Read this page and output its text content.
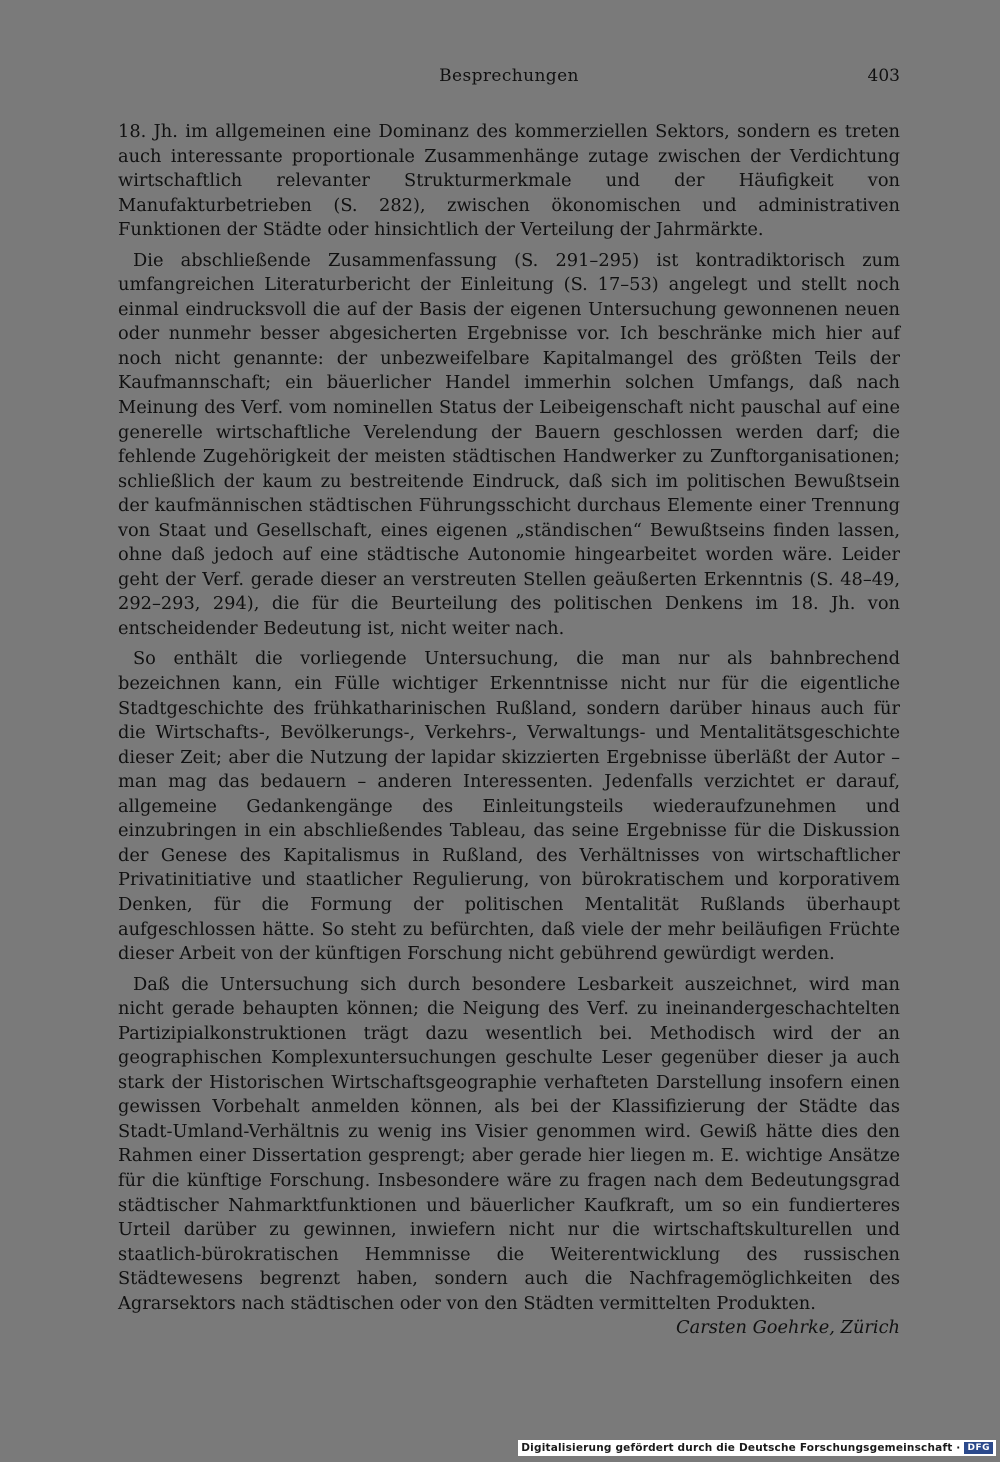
Besprechungen	403

18. Jh. im allgemeinen eine Dominanz des kommerziellen Sektors, sondern es treten auch interessante proportionale Zusammenhänge zutage zwischen der Verdichtung wirtschaftlich relevanter Strukturmerkmale und der Häufigkeit von Manufakturbetrieben (S. 282), zwischen ökonomischen und administrativen Funktionen der Städte oder hinsichtlich der Verteilung der Jahrmärkte.

Die abschließende Zusammenfassung (S. 291–295) ist kontradiktorisch zum umfangreichen Literaturbericht der Einleitung (S. 17–53) angelegt und stellt noch einmal eindrucksvoll die auf der Basis der eigenen Untersuchung gewonnenen neuen oder nunmehr besser abgesicherten Ergebnisse vor. Ich beschränke mich hier auf noch nicht genannte: der unbezweifelbare Kapitalmangel des größten Teils der Kaufmannschaft; ein bäuerlicher Handel immerhin solchen Umfangs, daß nach Meinung des Verf. vom nominellen Status der Leibeigenschaft nicht pauschal auf eine generelle wirtschaftliche Verelendung der Bauern geschlossen werden darf; die fehlende Zugehörigkeit der meisten städtischen Handwerker zu Zunftorganisationen; schließlich der kaum zu bestreitende Eindruck, daß sich im politischen Bewußtsein der kaufmännischen städtischen Führungsschicht durchaus Elemente einer Trennung von Staat und Gesellschaft, eines eigenen „ständischen“ Bewußtseins finden lassen, ohne daß jedoch auf eine städtische Autonomie hingearbeitet worden wäre. Leider geht der Verf. gerade dieser an verstreuten Stellen geäußerten Erkenntnis (S. 48–49, 292–293, 294), die für die Beurteilung des politischen Denkens im 18. Jh. von entscheidender Bedeutung ist, nicht weiter nach.

So enthält die vorliegende Untersuchung, die man nur als bahnbrechend bezeichnen kann, ein Fülle wichtiger Erkenntnisse nicht nur für die eigentliche Stadtgeschichte des frühkatharinischen Rußland, sondern darüber hinaus auch für die Wirtschafts-, Bevölkerungs-, Verkehrs-, Verwaltungs- und Mentalitätsgeschichte dieser Zeit; aber die Nutzung der lapidar skizzierten Ergebnisse überläßt der Autor – man mag das bedauern – anderen Interessenten. Jedenfalls verzichtet er darauf, allgemeine Gedankengänge des Einleitungsteils wiederaufzunehmen und einzubringen in ein abschließendes Tableau, das seine Ergebnisse für die Diskussion der Genese des Kapitalismus in Rußland, des Verhältnisses von wirtschaftlicher Privatinitiative und staatlicher Regulierung, von bürokratischem und korporativem Denken, für die Formung der politischen Mentalität Rußlands überhaupt aufgeschlossen hätte. So steht zu befürchten, daß viele der mehr beiläufigen Früchte dieser Arbeit von der künftigen Forschung nicht gebührend gewürdigt werden.

Daß die Untersuchung sich durch besondere Lesbarkeit auszeichnet, wird man nicht gerade behaupten können; die Neigung des Verf. zu ineinandergeschachtelten Partizipialkonstruktionen trägt dazu wesentlich bei. Methodisch wird der an geographischen Komplexuntersuchungen geschulte Leser gegenüber dieser ja auch stark der Historischen Wirtschaftsgeographie verhafteten Darstellung insofern einen gewissen Vorbehalt anmelden können, als bei der Klassifizierung der Städte das Stadt-Umland-Verhältnis zu wenig ins Visier genommen wird. Gewiß hätte dies den Rahmen einer Dissertation gesprengt; aber gerade hier liegen m. E. wichtige Ansätze für die künftige Forschung. Insbesondere wäre zu fragen nach dem Bedeutungsgrad städtischer Nahmarktfunktionen und bäuerlicher Kaufkraft, um so ein fundierteres Urteil darüber zu gewinnen, inwiefern nicht nur die wirtschaftskulturellen und staatlich-bürokratischen Hemmnisse die Weiterentwicklung des russischen Städtewesens begrenzt haben, sondern auch die Nachfragemöglichkeiten des Agrarsektors nach städtischen oder von den Städten vermittelten Produkten.

Carsten Goehrke, Zürich
Digitalisierung gefördert durch die Deutsche Forschungsgemeinschaft · DFG
